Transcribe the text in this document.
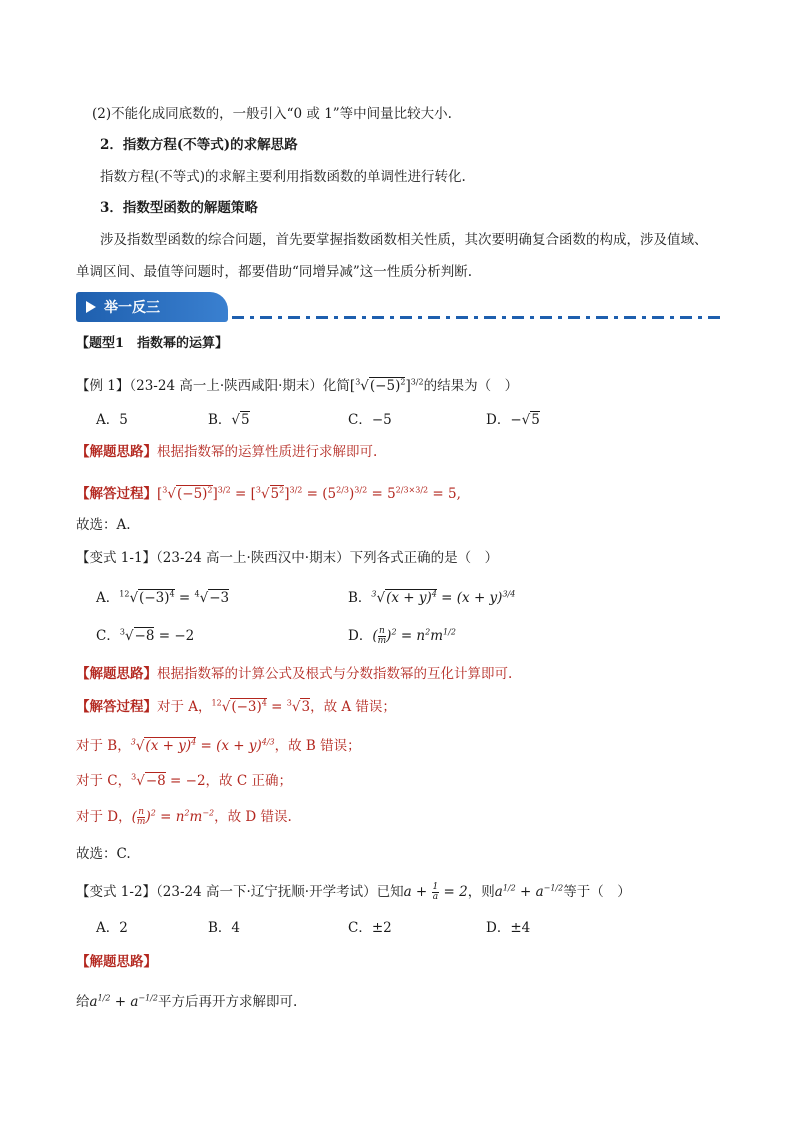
(2)不能化成同底数的，一般引入“0 或 1”等中间量比较大小.
2．指数方程(不等式)的求解思路
指数方程(不等式)的求解主要利用指数函数的单调性进行转化.
3．指数型函数的解题策略
涉及指数型函数的综合问题，首先要掌握指数函数相关性质，其次要明确复合函数的构成，涉及值域、
单调区间、最值等问题时，都要借助“同增异减”这一性质分析判断.
举一反三
【题型1　指数幂的运算】
【例 1】（23-24 高一上·陕西咸阳·期末）化简$[^3√(-5)^2]^{3/2}$的结果为（　）
A．5	B．√5	C．−5	D．−√5
【解题思路】根据指数幂的运算性质进行求解即可.
【解答过程】$[^3√(-5)^2]^{3/2} = [^3√5^2]^{3/2} = (5^{2/3})^{3/2} = 5^{2/3\times 3/2} = 5$,
故选：A.
【变式 1-1】（23-24 高一上·陕西汉中·期末）下列各式正确的是（　）
A．$^{12}√(-3)^4 = ^4√-3$	B．$^3√(x + y)^4 = (x + y)^{3/4}$
C．$^3$√−8 = −2	D．( $\frac{n}{m} )^2 = n^2m^{1/2}$
【解题思路】根据指数幂的计算公式及根式与分数指数幂的互化计算即可.
【解答过程】对于 A，$^{12}√(-3)^4 = ^3√3$，故 A 错误；
对于 B，$^3√(x + y)^4 = (x + y)^{4/3}$，故 B 错误；
对于 C，$^3$√−8 = −2，故 C 正确；
对于 D，( $\frac{n}{m} )^2 = n^2m^{-2}$，故 D 错误.
故选：C.
【变式 1-2】（23-24 高一下·辽宁抚顺·开学考试）已知$a + \frac{1}{a} = 2$，则$a^{1/2} + a^{-1/2}$等于（　）
A．2	B．4	C．±2	D．±4
【解题思路】
给$a^{1/2} + a^{-1/2}$平方后再开方求解即可.
